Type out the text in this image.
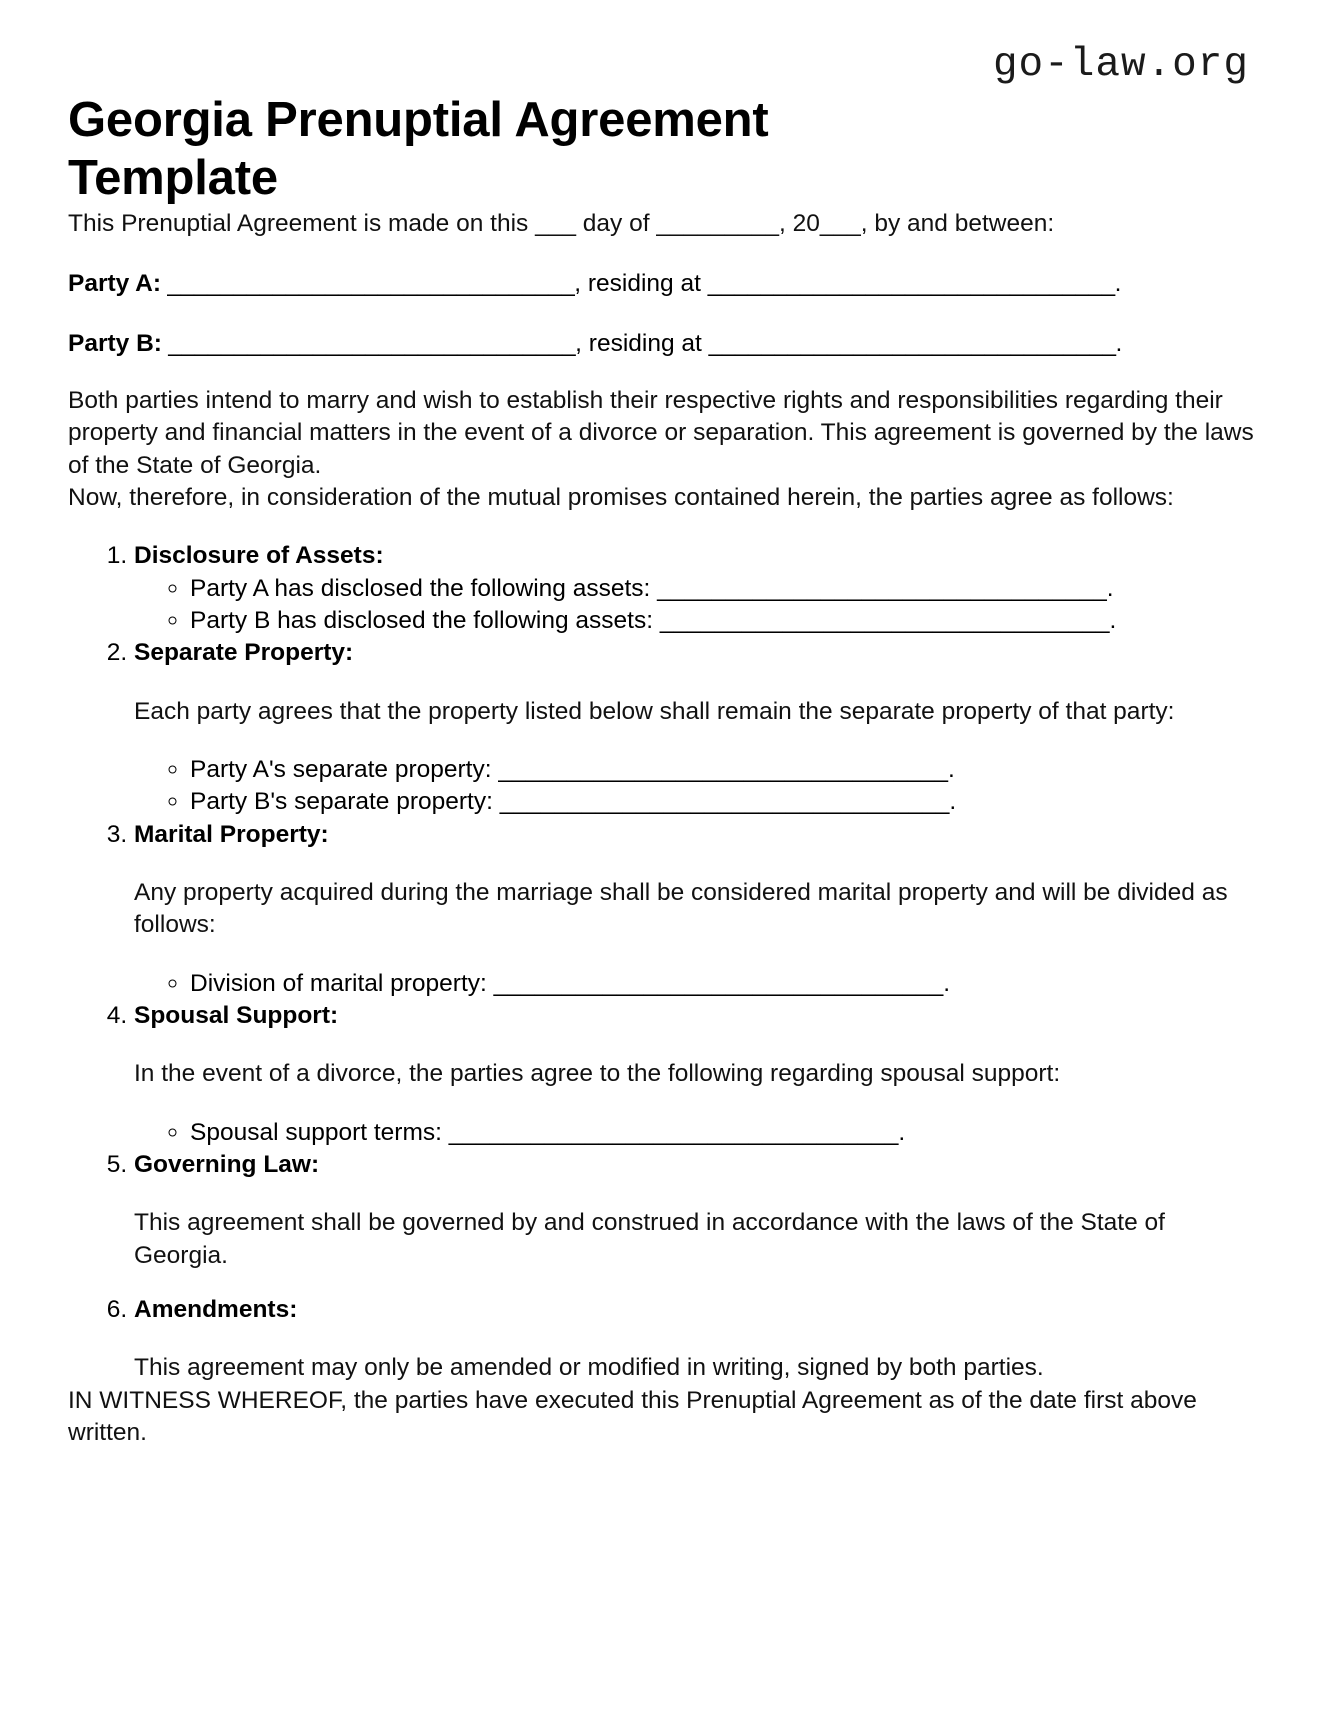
go-law.org
Georgia Prenuptial Agreement Template

This Prenuptial Agreement is made on this ___ day of _________, 20___, by and between:

Party A: _______________________________, residing at _______________________________.

Party B: _______________________________, residing at _______________________________.

Both parties intend to marry and wish to establish their respective rights and responsibilities regarding their property and financial matters in the event of a divorce or separation. This agreement is governed by the laws of the State of Georgia.

Now, therefore, in consideration of the mutual promises contained herein, the parties agree as follows:

1. Disclosure of Assets:
◦ Party A has disclosed the following assets: _________________________________.
◦ Party B has disclosed the following assets: _________________________________.
2. Separate Property:
Each party agrees that the property listed below shall remain the separate property of that party:
◦ Party A's separate property: _________________________________.
◦ Party B's separate property: _________________________________.
3. Marital Property:
Any property acquired during the marriage shall be considered marital property and will be divided as follows:
◦ Division of marital property: _________________________________.
4. Spousal Support:
In the event of a divorce, the parties agree to the following regarding spousal support:
◦ Spousal support terms: _________________________________.
5. Governing Law:
This agreement shall be governed by and construed in accordance with the laws of the State of Georgia.
6. Amendments:
This agreement may only be amended or modified in writing, signed by both parties.

IN WITNESS WHEREOF, the parties have executed this Prenuptial Agreement as of the date first above written.
